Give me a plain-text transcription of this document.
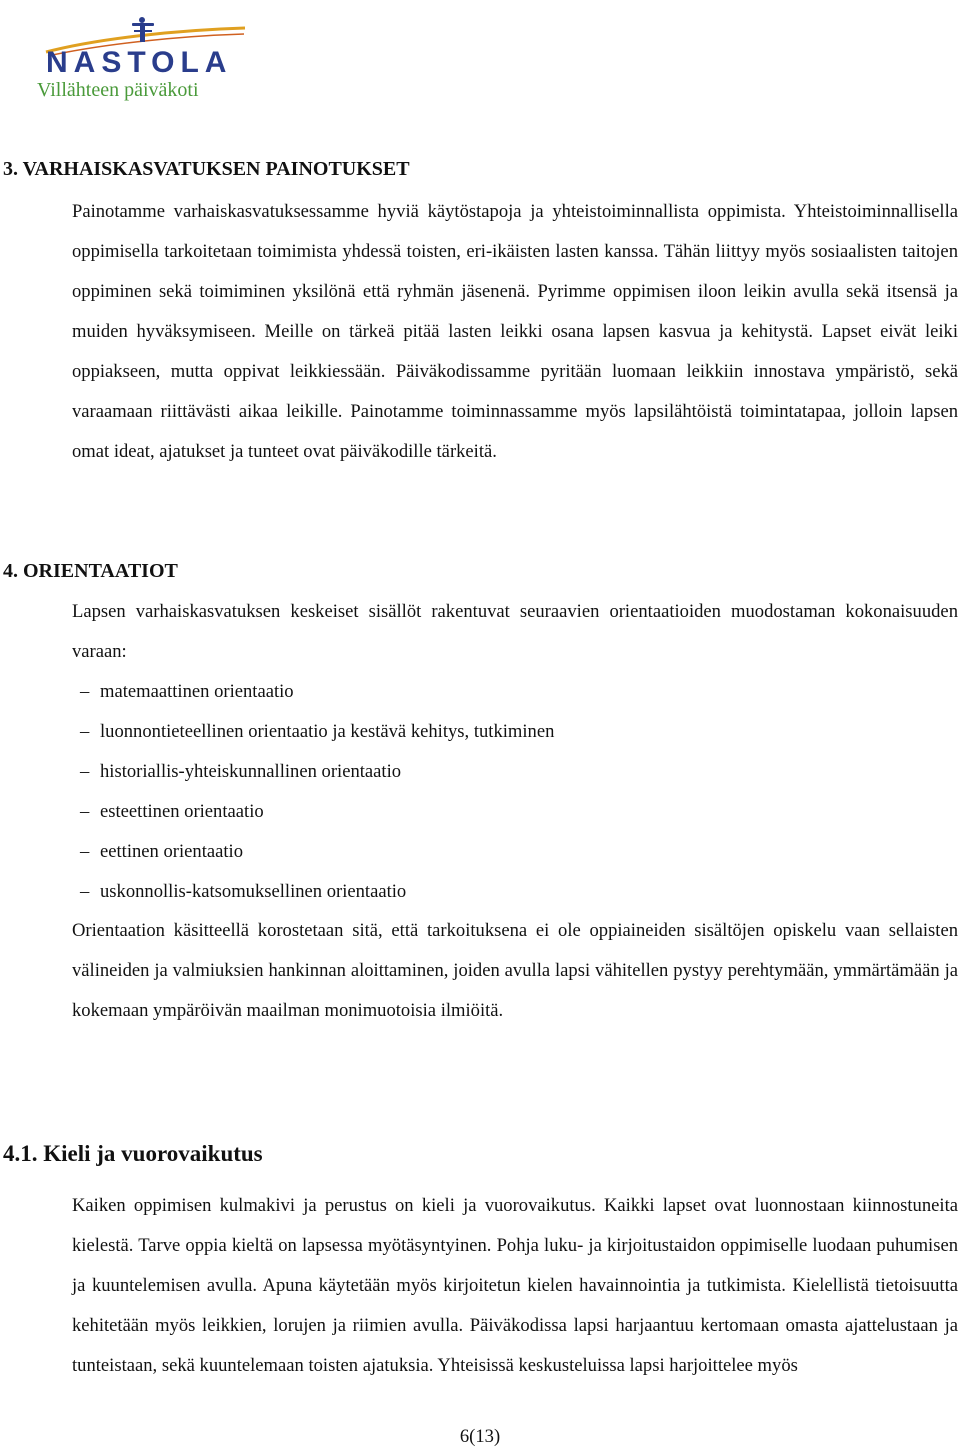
NASTOLA
Villähteen päiväkoti
3. VARHAISKASVATUKSEN PAINOTUKSET

Painotamme varhaiskasvatuksessamme hyviä käytöstapoja ja yhteistoiminnallista oppimista. Yhteistoiminnallisella oppimisella tarkoitetaan toimimista yhdessä toisten, eri-ikäisten lasten kanssa. Tähän liittyy myös sosiaalisten taitojen oppiminen sekä toimiminen yksilönä että ryhmän jäsenenä. Pyrimme oppimisen iloon leikin avulla sekä itsensä ja muiden hyväksymiseen. Meille on tärkeä pitää lasten leikki osana lapsen kasvua ja kehitystä. Lapset eivät leiki oppiakseen, mutta oppivat leikkiessään. Päiväkodissamme pyritään luomaan leikkiin innostava ympäristö, sekä varaamaan riittävästi aikaa leikille. Painotamme toiminnassamme myös lapsilähtöistä toimintatapaa, jolloin lapsen omat ideat, ajatukset ja tunteet ovat päiväkodille tärkeitä.

4. ORIENTAATIOT

Lapsen varhaiskasvatuksen keskeiset sisällöt rakentuvat seuraavien orientaatioiden muodostaman kokonaisuuden varaan:

– matemaattinen orientaatio
– luonnontieteellinen orientaatio ja kestävä kehitys, tutkiminen
– historiallis-yhteiskunnallinen orientaatio
– esteettinen orientaatio
– eettinen orientaatio
– uskonnollis-katsomuksellinen orientaatio

Orientaation käsitteellä korostetaan sitä, että tarkoituksena ei ole oppiaineiden sisältöjen opiskelu vaan sellaisten välineiden ja valmiuksien hankinnan aloittaminen, joiden avulla lapsi vähitellen pystyy perehtymään, ymmärtämään ja kokemaan ympäröivän maailman monimuotoisia ilmiöitä.

4.1. Kieli ja vuorovaikutus

Kaiken oppimisen kulmakivi ja perustus on kieli ja vuorovaikutus. Kaikki lapset ovat luonnostaan kiinnostuneita kielestä. Tarve oppia kieltä on lapsessa myötäsyntyinen. Pohja luku- ja kirjoitustaidon oppimiselle luodaan puhumisen ja kuuntelemisen avulla. Apuna käytetään myös kirjoitetun kielen havainnointia ja tutkimista. Kielellistä tietoisuutta kehitetään myös leikkien, lorujen ja riimien avulla. Päiväkodissa lapsi harjaantuu kertomaan omasta ajattelustaan ja tunteistaan, sekä kuuntelemaan toisten ajatuksia. Yhteisissä keskusteluissa lapsi harjoittelee myös

6(13)
